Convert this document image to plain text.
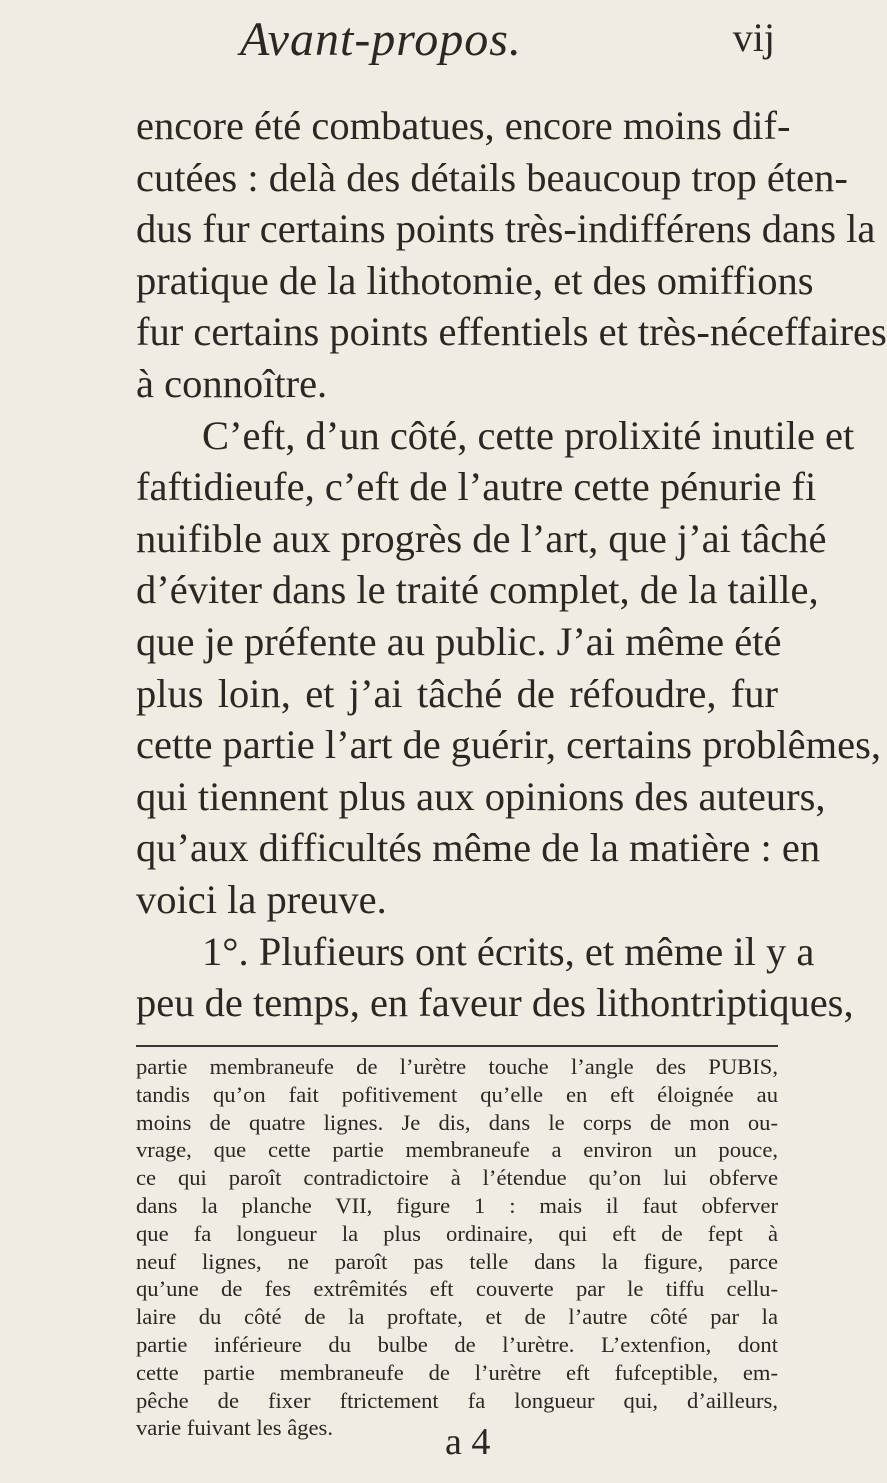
Avant-propos.	vij
encore été combatues, encore moins dif-
cutées : delà des détails beaucoup trop éten-
dus fur certains points très-indifférens dans la
pratique de la lithotomie, et des omiffions
fur certains points effentiels et très-néceffaires
à connoître.
C’eft, d’un côté, cette prolixité inutile et
faftidieufe, c’eft de l’autre cette pénurie fi
nuifible aux progrès de l’art, que j’ai tâché
d’éviter dans le traité complet, de la taille,
que je préfente au public. J’ai même été
plus loin, et j’ai tâché de réfoudre, fur
cette partie l’art de guérir, certains problêmes,
qui tiennent plus aux opinions des auteurs,
qu’aux difficultés même de la matière : en
voici la preuve.
1°. Plufieurs ont écrits, et même il y a
peu de temps, en faveur des lithontriptiques,
partie membraneufe de l’urètre touche l’angle des PUBIS,
tandis qu’on fait pofitivement qu’elle en eft éloignée au
moins de quatre lignes. Je dis, dans le corps de mon ou-
vrage, que cette partie membraneufe a environ un pouce,
ce qui paroît contradictoire à l’étendue qu’on lui obferve
dans la planche VII, figure 1 : mais il faut obferver
que fa longueur la plus ordinaire, qui eft de fept à
neuf lignes, ne paroît pas telle dans la figure, parce
qu’une de fes extrêmités eft couverte par le tiffu cellu-
laire du côté de la proftate, et de l’autre côté par la
partie inférieure du bulbe de l’urètre. L’extenfion, dont
cette partie membraneufe de l’urètre eft fufceptible, em-
pêche de fixer ftrictement fa longueur qui, d’ailleurs,
varie fuivant les âges.	a 4
